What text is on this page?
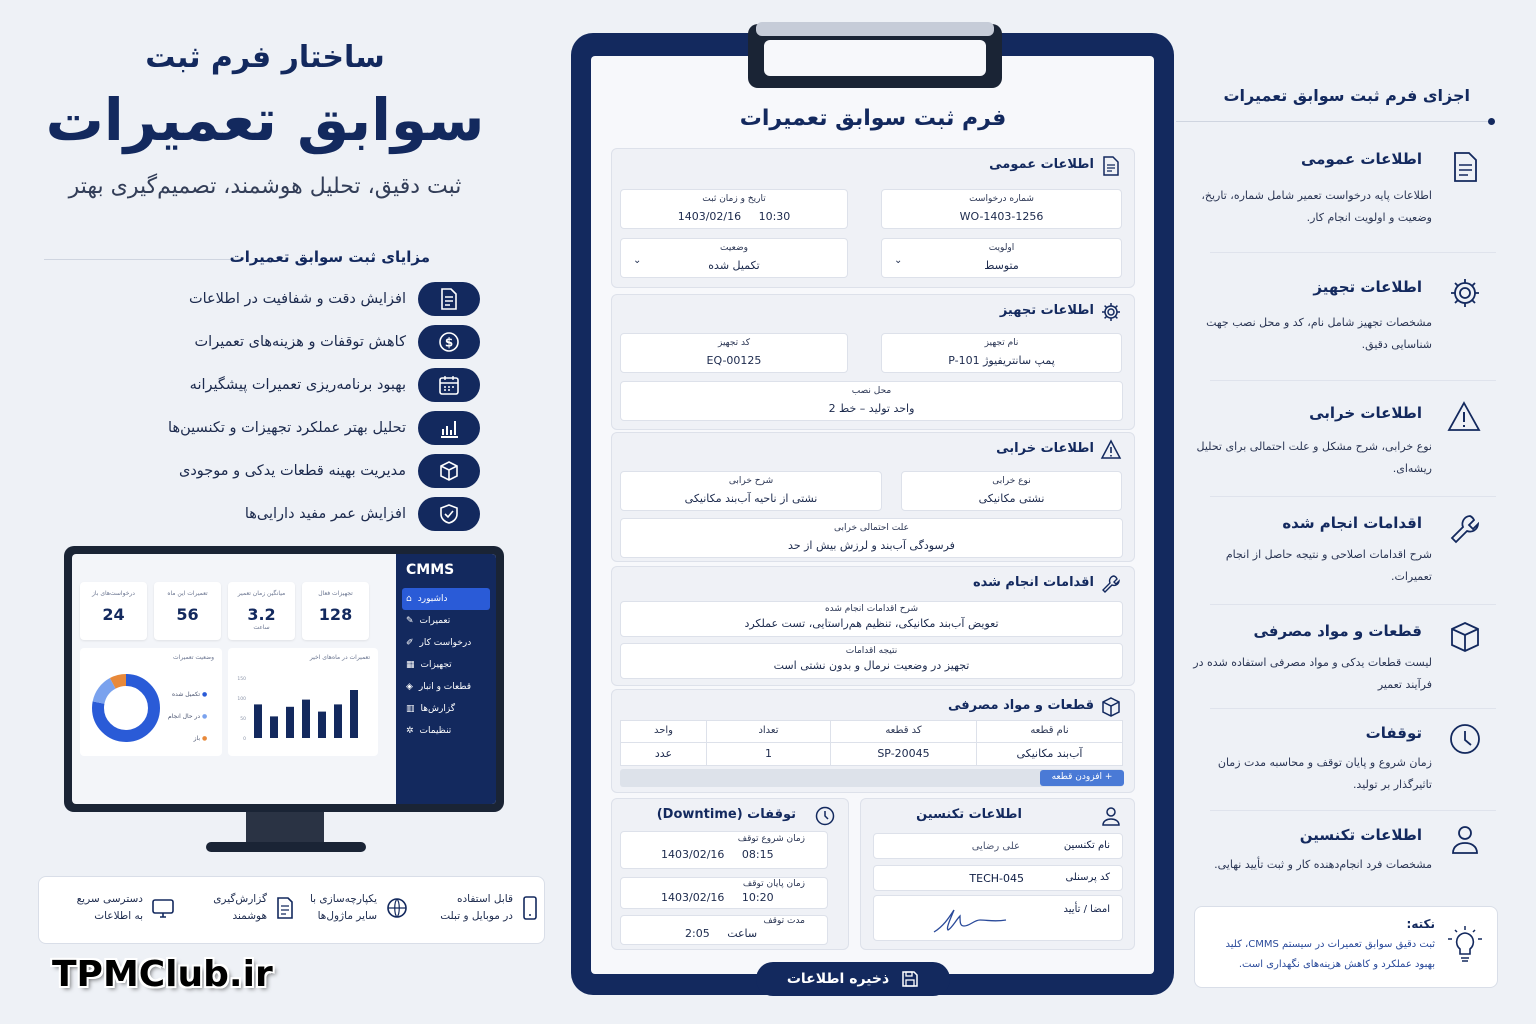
ساختار فرم ثبت
سوابق تعمیرات
ثبت دقیق، تحلیل هوشمند، تصمیم‌گیری بهتر
مزایای ثبت سوابق تعمیرات
افزایش دقت و شفافیت در اطلاعات
$
کاهش توقفات و هزینه‌های تعمیرات
بهبود برنامه‌ریزی تعمیرات پیشگیرانه
تحلیل بهتر عملکرد تجهیزات و تکنسین‌ها
مدیریت بهینه قطعات یدکی و موجودی
افزایش عمر مفید دارایی‌ها
درخواست‌های باز
24
تعمیرات این ماه
56
میانگین زمان تعمیر
3.2
ساعت
تجهیزات فعال
128
وضعیت تعمیرات
● تکمیل شده
● در حال انجام
● باز
تعمیرات در ماه‌های اخیر
150
100
50
0
CMMS
داشبورد
⌂
تعمیرات
✎
درخواست کار
✐
تجهیزات
▦
قطعات و انبار
◈
گزارش‌ها
▥
تنظیمات
✲
قابل استفاده
در موبایل و تبلت
یکپارچه‌سازی با
سایر ماژول‌ها
گزارش‌گیری
هوشمند
دسترسی سریع
به اطلاعات
TPMClub.ir
فرم ثبت سوابق تعمیرات
اطلاعات عمومی
شماره درخواست
WO-1403-1256
تاریخ و زمان ثبت
1403/02/16     10:30
اولویت
متوسط
⌄
وضعیت
تکمیل شده
⌄
اطلاعات تجهیز
نام تجهیز
پمپ سانتریفیوژ P-101
کد تجهیز
EQ-00125
محل نصب
واحد تولید – خط 2
اطلاعات خرابی
نوع خرابی
نشتی مکانیکی
شرح خرابی
نشتی از ناحیه آب‌بند مکانیکی
علت احتمالی خرابی
فرسودگی آب‌بند و لرزش بیش از حد
اقدامات انجام شده
شرح اقدامات انجام شده
تعویض آب‌بند مکانیکی، تنظیم هم‌راستایی، تست عملکرد
نتیجه اقدامات
تجهیز در وضعیت نرمال و بدون نشتی است
قطعات و مواد مصرفی
نام قطعه
کد قطعه
تعداد
واحد
آب‌بند مکانیکی
SP-20045
1
عدد
+ افزودن قطعه
توقفات (Downtime)
زمان شروع توقف
1403/02/16     08:15
زمان پایان توقف
1403/02/16     10:20
مدت توقف
2:05     ساعت
اطلاعات تکنسین
نام تکنسین
علی رضایی
کد پرسنلی
TECH-045
امضا / تأیید
ذخیره اطلاعات
اجزای فرم ثبت سوابق تعمیرات
اطلاعات عمومی
اطلاعات پایه درخواست تعمیر شامل شماره، تاریخ، وضعیت و اولویت انجام کار.
اطلاعات تجهیز
مشخصات تجهیز شامل نام، کد و محل نصب جهت شناسایی دقیق.
اطلاعات خرابی
نوع خرابی، شرح مشکل و علت احتمالی برای تحلیل ریشه‌ای.
اقدامات انجام شده
شرح اقدامات اصلاحی و نتیجه حاصل از انجام تعمیرات.
قطعات و مواد مصرفی
لیست قطعات یدکی و مواد مصرفی استفاده شده در فرآیند تعمیر
توقفات
زمان شروع و پایان توقف و محاسبه مدت زمان تاثیرگذار بر تولید.
اطلاعات تکنسین
مشخصات فرد انجام‌دهنده کار و ثبت تأیید نهایی.
نکته:
ثبت دقیق سوابق تعمیرات در سیستم CMMS، کلید بهبود عملکرد و کاهش هزینه‌های نگهداری است.
